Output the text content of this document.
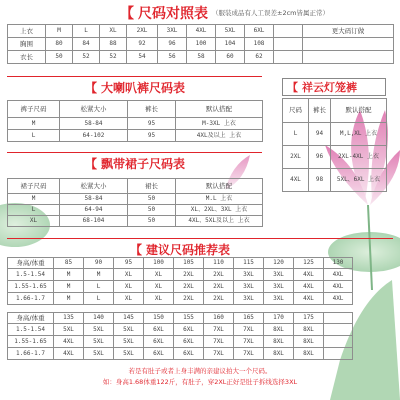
【 尺码对照表 （服装成品有人工误差±2cm皆属正常）
上衣	M	L	XL	2XL	3XL	4XL	5XL	6XL		更大码订做
胸围	80	84	88	92	96	100	104	108		
衣长	50	52	52	54	56	58	60	62		
【 大喇叭裤尺码表
裤子尺码	松紧大小	裤长	默认搭配
M	58-84	95	M-3XL 上衣
L	64-102	95	4XL及以上 上衣
【 祥云灯笼裤
尺码	裤长	默认搭配
L	94	M,L,XL 上衣
2XL	96	2XL-4XL 上衣
4XL	98	5XL、6XL 上衣
【 飘带裙子尺码表
裙子尺码	松紧大小	裙长	默认搭配
M	58-84	50	M.L 上衣
L	64-94	50	XL、2XL、3XL 上衣
XL	68-104	50	4XL、5XL及以上 上衣
【 建议尺码推荐表
身高/体重	85	90	95	100	105	110	115	120	125	130
1.5-1.54	M	M	XL	XL	2XL	2XL	3XL	3XL	4XL	4XL
1.55-1.65	M	L	XL	XL	2XL	2XL	3XL	3XL	4XL	4XL
1.66-1.7	M	L	XL	XL	2XL	2XL	3XL	3XL	4XL	4XL
身高/体重	135	140	145	150	155	160	165	170	175	
1.5-1.54	5XL	5XL	5XL	6XL	6XL	7XL	7XL	8XL	8XL	
1.55-1.65	4XL	5XL	5XL	6XL	6XL	7XL	7XL	8XL	8XL	
1.66-1.7	4XL	5XL	5XL	6XL	6XL	7XL	7XL	8XL	8XL	
若是有肚子或者上身丰满的亲建议拍大一个尺码。
如：身高1.68体重122斤，有肚子，穿2XL正好是肚子拆线选择3XL
